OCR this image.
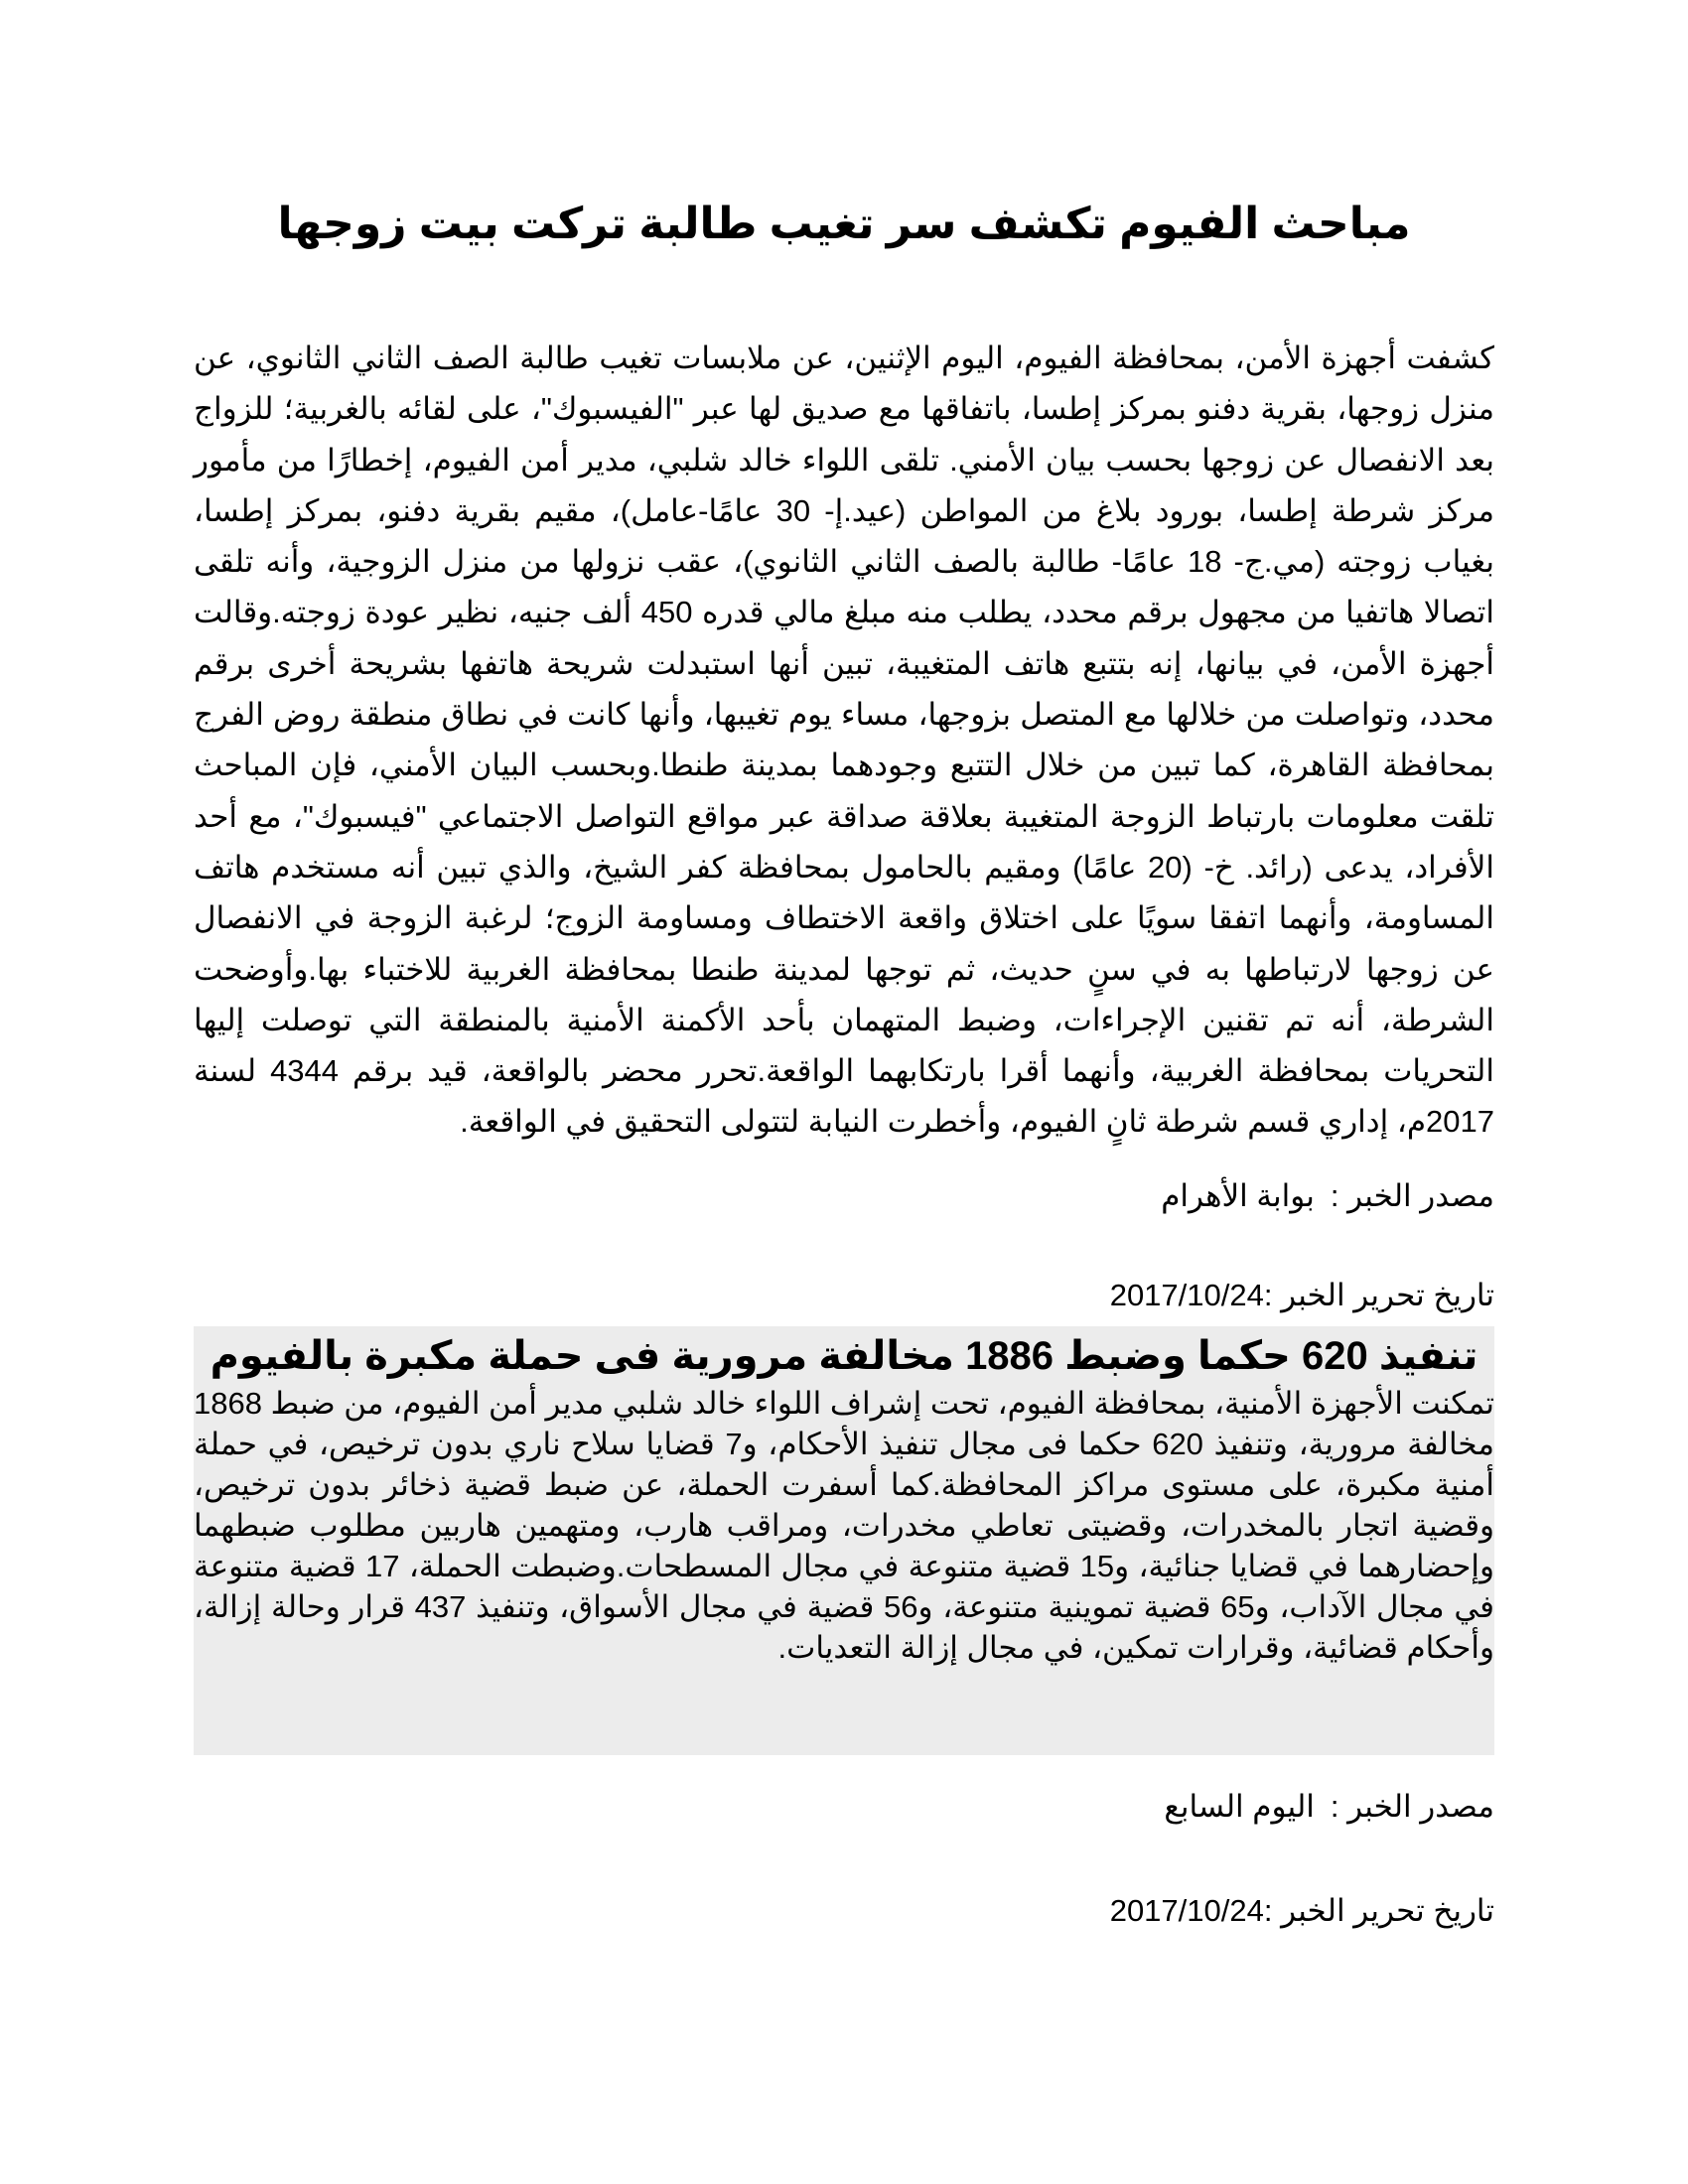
مباحث الفيوم تكشف سر تغيب طالبة تركت بيت زوجها

كشفت أجهزة الأمن، بمحافظة الفيوم، اليوم الإثنين، عن ملابسات تغيب طالبة الصف الثاني الثانوي، عن منزل زوجها، بقرية دفنو بمركز إطسا، باتفاقها مع صديق لها عبر "الفيسبوك"، على لقائه بالغربية؛ للزواج بعد الانفصال عن زوجها بحسب بيان الأمني. تلقى اللواء خالد شلبي، مدير أمن الفيوم، إخطارًا من مأمور مركز شرطة إطسا، بورود بلاغ من المواطن (عيد.إ- 30 عامًا-عامل)، مقيم بقرية دفنو، بمركز إطسا، بغياب زوجته (مي.ج- 18 عامًا- طالبة بالصف الثاني الثانوي)، عقب نزولها من منزل الزوجية، وأنه تلقى اتصالا هاتفيا من مجهول برقم محدد، يطلب منه مبلغ مالي قدره 450 ألف جنيه، نظير عودة زوجته.وقالت أجهزة الأمن، في بيانها، إنه بتتبع هاتف المتغيبة، تبين أنها استبدلت شريحة هاتفها بشريحة أخرى برقم محدد، وتواصلت من خلالها مع المتصل بزوجها، مساء يوم تغيبها، وأنها كانت في نطاق منطقة روض الفرج بمحافظة القاهرة، كما تبين من خلال التتبع وجودهما بمدينة طنطا.وبحسب البيان الأمني، فإن المباحث تلقت معلومات بارتباط الزوجة المتغيبة بعلاقة صداقة عبر مواقع التواصل الاجتماعي "فيسبوك"، مع أحد الأفراد، يدعى (رائد. خ- (20 عامًا) ومقيم بالحامول بمحافظة كفر الشيخ، والذي تبين أنه مستخدم هاتف المساومة، وأنهما اتفقا سويًا على اختلاق واقعة الاختطاف ومساومة الزوج؛ لرغبة الزوجة في الانفصال عن زوجها لارتباطها به في سنٍ حديث، ثم توجها لمدينة طنطا بمحافظة الغربية للاختباء بها.وأوضحت الشرطة، أنه تم تقنين الإجراءات، وضبط المتهمان بأحد الأكمنة الأمنية بالمنطقة التي توصلت إليها التحريات بمحافظة الغربية، وأنهما أقرا بارتكابهما الواقعة.تحرر محضر بالواقعة، قيد برقم 4344 لسنة 2017م، إداري قسم شرطة ثانٍ الفيوم، وأخطرت النيابة لتتولى التحقيق في الواقعة.

مصدر الخبر :بوابة الأهرام
تاريخ تحرير الخبر :2017/10/24
تنفيذ 620 حكما وضبط 1886 مخالفة مرورية فى حملة مكبرة بالفيوم

تمكنت الأجهزة الأمنية، بمحافظة الفيوم، تحت إشراف اللواء خالد شلبي مدير أمن الفيوم، من ضبط 1868 مخالفة مرورية، وتنفيذ 620 حكما فى مجال تنفيذ الأحكام، و7 قضايا سلاح ناري بدون ترخيص، في حملة أمنية مكبرة، على مستوى مراكز المحافظة.كما أسفرت الحملة، عن ضبط قضية ذخائر بدون ترخيص، وقضية اتجار بالمخدرات، وقضيتى تعاطي مخدرات، ومراقب هارب، ومتهمين هاربين مطلوب ضبطهما وإحضارهما في قضايا جنائية، و15 قضية متنوعة في مجال المسطحات.وضبطت الحملة، 17 قضية متنوعة في مجال الآداب، و65 قضية تموينية متنوعة، و56 قضية في مجال الأسواق، وتنفيذ 437 قرار وحالة إزالة، وأحكام قضائية، وقرارات تمكين، في مجال إزالة التعديات.

مصدر الخبر :اليوم السابع
تاريخ تحرير الخبر :2017/10/24
